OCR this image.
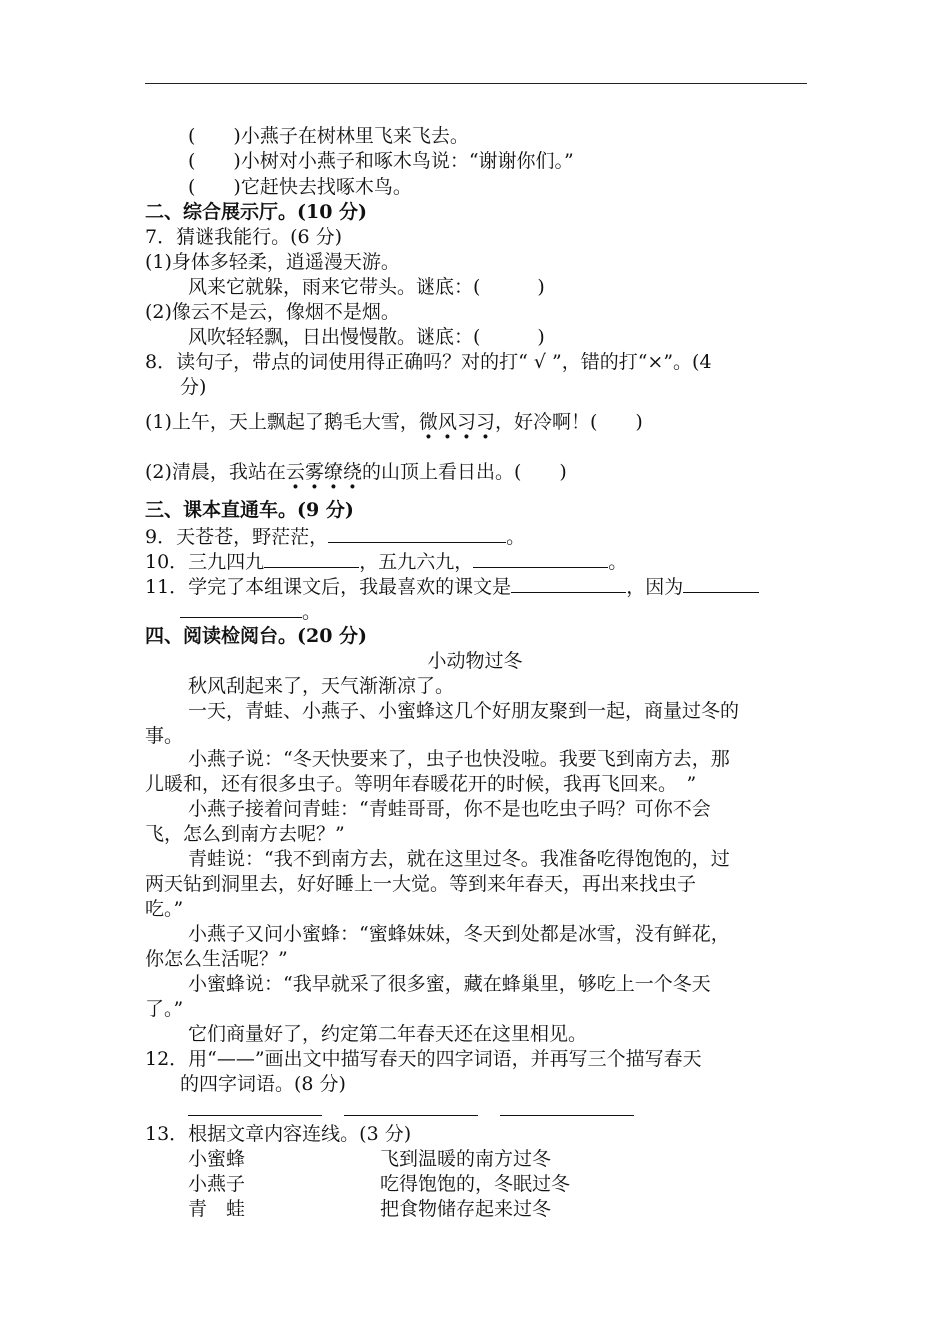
(　　)小燕子在树林里飞来飞去。
(　　)小树对小燕子和啄木鸟说：“谢谢你们。”
(　　)它赶快去找啄木鸟。
二、综合展示厅。(10 分)
7．猜谜我能行。(6 分)
(1)身体多轻柔，逍遥漫天游。
风来它就躲，雨来它带头。谜底：(　　　)
(2)像云不是云，像烟不是烟。
风吹轻轻飘，日出慢慢散。谜底：(　　　)
8．读句子，带点的词使用得正确吗？对的打“ √ ”，错的打“×”。(4
分)
(1)上午，天上飘起了鹅毛大雪，微风习习，好冷啊！(　　)
(2)清晨，我站在云雾缭绕的山顶上看日出。(　　)
三、课本直通车。(9 分)
9．天苍苍，野茫茫，	。
10．三九四九	，五九六九，	。
11．学完了本组课文后，我最喜欢的课文是	，因为
。
四、阅读检阅台。(20 分)
小动物过冬
秋风刮起来了，天气渐渐凉了。
一天，青蛙、小燕子、小蜜蜂这几个好朋友聚到一起，商量过冬的
事。
小燕子说：“冬天快要来了，虫子也快没啦。我要飞到南方去，那
儿暖和，还有很多虫子。等明年春暖花开的时候，我再飞回来。　”
小燕子接着问青蛙：“青蛙哥哥，你不是也吃虫子吗？可你不会
飞，怎么到南方去呢？”
青蛙说：“我不到南方去，就在这里过冬。我准备吃得饱饱的，过
两天钻到洞里去，好好睡上一大觉。等到来年春天，再出来找虫子
吃。”
小燕子又问小蜜蜂：“蜜蜂妹妹，冬天到处都是冰雪，没有鲜花，
你怎么生活呢？”
小蜜蜂说：“我早就采了很多蜜，藏在蜂巢里，够吃上一个冬天
了。”
它们商量好了，约定第二年春天还在这里相见。
12．用“——”画出文中描写春天的四字词语，并再写三个描写春天
的四字词语。(8 分)
13．根据文章内容连线。(3 分)
小蜜蜂	飞到温暖的南方过冬
小燕子	吃得饱饱的，冬眠过冬
青　蛙	把食物储存起来过冬
